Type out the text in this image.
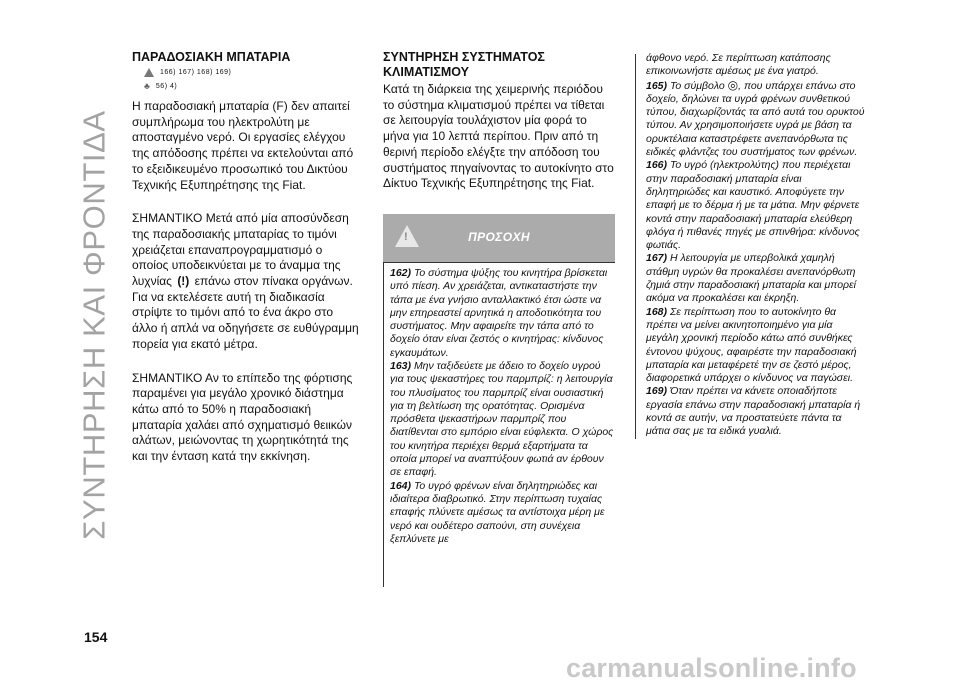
ΣΥΝΤΗΡΗΣΗ ΚΑΙ ΦΡΟΝΤΙΔΑ

ΠΑΡΑΔΟΣΙΑΚΗ ΜΠΑΤΑΡΙΑ

166) 167) 168) 169)
♣ 56) 4)

Η παραδοσιακή μπαταρία (F) δεν απαιτεί συμπλήρωμα του ηλεκτρολύτη με αποσταγμένο νερό. Οι εργασίες ελέγχου της απόδοσης πρέπει να εκτελούνται από το εξειδικευμένο προσωπικό του Δικτύου Τεχνικής Εξυπηρέτησης της Fiat.

ΣΗΜΑΝΤΙΚΟ Μετά από μία αποσύνδεση της παραδοσιακής μπαταρίας το τιμόνι χρειάζεται επαναπρογραμματισμό ο οποίος υποδεικνύεται με το άναμμα της λυχνίας (!) επάνω στον πίνακα οργάνων. Για να εκτελέσετε αυτή τη διαδικασία στρίψτε το τιμόνι από το ένα άκρο στο άλλο ή απλά να οδηγήσετε σε ευθύγραμμη πορεία για εκατό μέτρα.

ΣΗΜΑΝΤΙΚΟ Αν το επίπεδο της φόρτισης παραμένει για μεγάλο χρονικό διάστημα κάτω από το 50% η παραδοσιακή μπαταρία χαλάει από σχηματισμό θειικών αλάτων, μειώνοντας τη χωρητικότητά της και την ένταση κατά την εκκίνηση.

ΣΥΝΤΗΡΗΣΗ ΣΥΣΤΗΜΑΤΟΣ

ΚΛΙΜΑΤΙΣΜΟΥ

Κατά τη διάρκεια της χειμερινής περιόδου το σύστημα κλιματισμού πρέπει να τίθεται σε λειτουργία τουλάχιστον μία φορά το μήνα για 10 λεπτά περίπου. Πριν από τη θερινή περίοδο ελέγξτε την απόδοση του συστήματος πηγαίνοντας το αυτοκίνητο στο Δίκτυο Τεχνικής Εξυπηρέτησης της Fiat.

!	ΠΡΟΣΟΧΗ

162) Το σύστημα ψύξης του κινητήρα βρίσκεται υπό πίεση. Αν χρειάζεται, αντικαταστήστε την τάπα με ένα γνήσιο ανταλλακτικό έτσι ώστε να μην επηρεαστεί αρνητικά η αποδοτικότητα του συστήματος. Μην αφαιρείτε την τάπα από το δοχείο όταν είναι ζεστός ο κινητήρας: κίνδυνος εγκαυμάτων.

163) Μην ταξιδεύετε με άδειο το δοχείο υγρού για τους ψεκαστήρες του παρμπρίζ: η λειτουργία του πλυσίματος του παρμπρίζ είναι ουσιαστική για τη βελτίωση της ορατότητας. Ορισμένα πρόσθετα ψεκαστήρων παρμπρίζ που διατίθενται στο εμπόριο είναι εύφλεκτα. Ο χώρος του κινητήρα περιέχει θερμά εξαρτήματα τα οποία μπορεί να αναπτύξουν φωτιά αν έρθουν σε επαφή.

164) Το υγρό φρένων είναι δηλητηριώδες και ιδιαίτερα διαβρωτικό. Στην περίπτωση τυχαίας επαφής πλύνετε αμέσως τα αντίστοιχα μέρη με νερό και ουδέτερο σαπούνι, στη συνέχεια ξεπλύνετε με

άφθονο νερό. Σε περίπτωση κατάποσης επικοινωνήστε αμέσως με ένα γιατρό.

165) Το σύμβολο ◎, που υπάρχει επάνω στο δοχείο, δηλώνει τα υγρά φρένων συνθετικού τύπου, διαχωρίζοντάς τα από αυτά του ορυκτού τύπου. Αν χρησιμοποιήσετε υγρά με βάση τα ορυκτέλαια καταστρέφετε ανεπανόρθωτα τις ειδικές φλάντζες του συστήματος των φρένων.

166) Το υγρό (ηλεκτρολύτης) που περιέχεται στην παραδοσιακή μπαταρία είναι δηλητηριώδες και καυστικό. Αποφύγετε την επαφή με το δέρμα ή με τα μάτια. Μην φέρνετε κοντά στην παραδοσιακή μπαταρία ελεύθερη φλόγα ή πιθανές πηγές με σπινθήρα: κίνδυνος φωτιάς.

167) Η λειτουργία με υπερβολικά χαμηλή στάθμη υγρών θα προκαλέσει ανεπανόρθωτη ζημιά στην παραδοσιακή μπαταρία και μπορεί ακόμα να προκαλέσει και έκρηξη.

168) Σε περίπτωση που το αυτοκίνητο θα πρέπει να μείνει ακινητοποιημένο για μία μεγάλη χρονική περίοδο κάτω από συνθήκες έντονου ψύχους, αφαιρέστε την παραδοσιακή μπαταρία και μεταφέρετέ την σε ζεστό μέρος, διαφορετικά υπάρχει ο κίνδυνος να παγώσει.

169) Όταν πρέπει να κάνετε οποιαδήποτε εργασία επάνω στην παραδοσιακή μπαταρία ή κοντά σε αυτήν, να προστατεύετε πάντα τα μάτια σας με τα ειδικά γυαλιά.

154
carmanualsonline.info
